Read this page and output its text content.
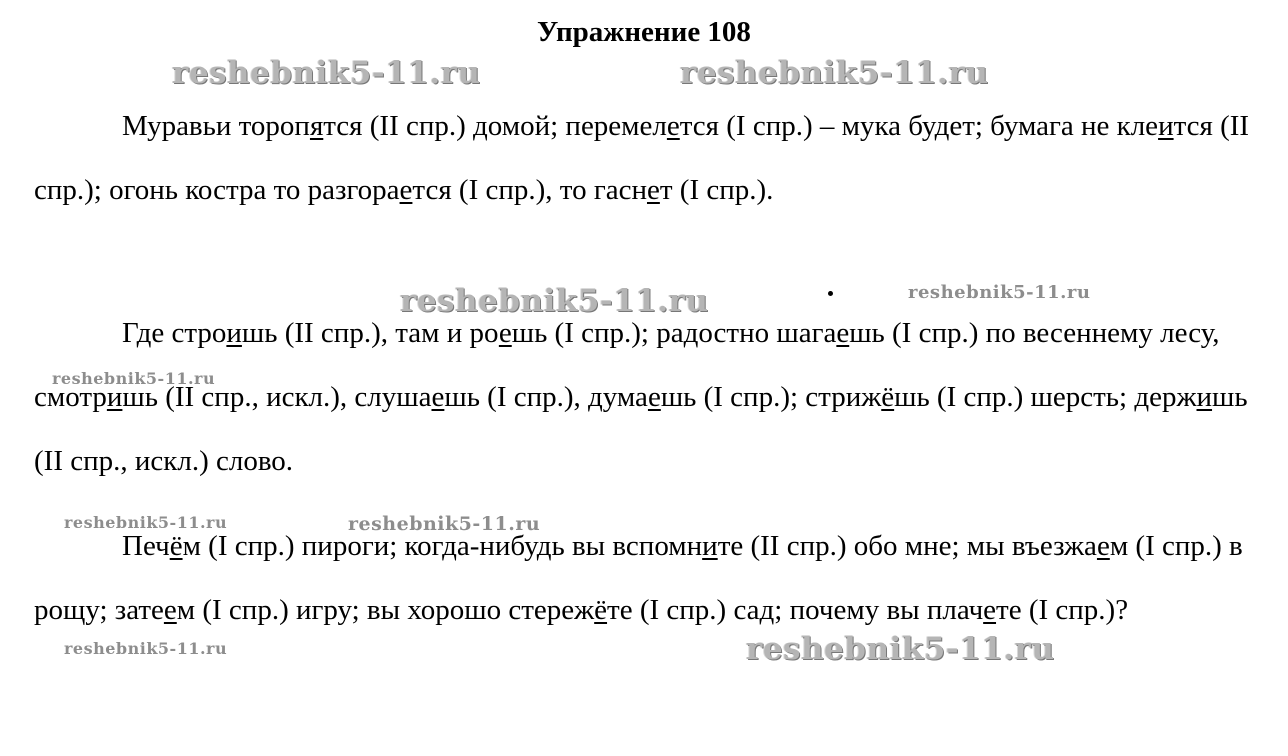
Упражнение 108

Муравьи торопятся (II спр.) домой; перемелется (I спр.) – мука будет; бумага не клеится (II спр.); огонь костра то разгорается (I спр.), то гаснет (I спр.).

Где строишь (II спр.), там и роешь (I спр.); радостно шагаешь (I спр.) по весеннему лесу, смотришь (II спр., искл.), слушаешь (I спр.), думаешь (I спр.); стрижёшь (I спр.) шерсть; держишь (II спр., искл.) слово.

Печём (I спр.) пироги; когда-нибудь вы вспомните (II спр.) обо мне; мы въезжаем (I спр.) в рощу; затеем (I спр.) игру; вы хорошо стережёте (I спр.) сад; почему вы плачете (I спр.)?

reshebnik5-11.ru	reshebnik5-11.ru
reshebnik5-11.ru	reshebnik5-11.ru
reshebnik5-11.ru
reshebnik5-11.ru	reshebnik5-11.ru
reshebnik5-11.ru	reshebnik5-11.ru
